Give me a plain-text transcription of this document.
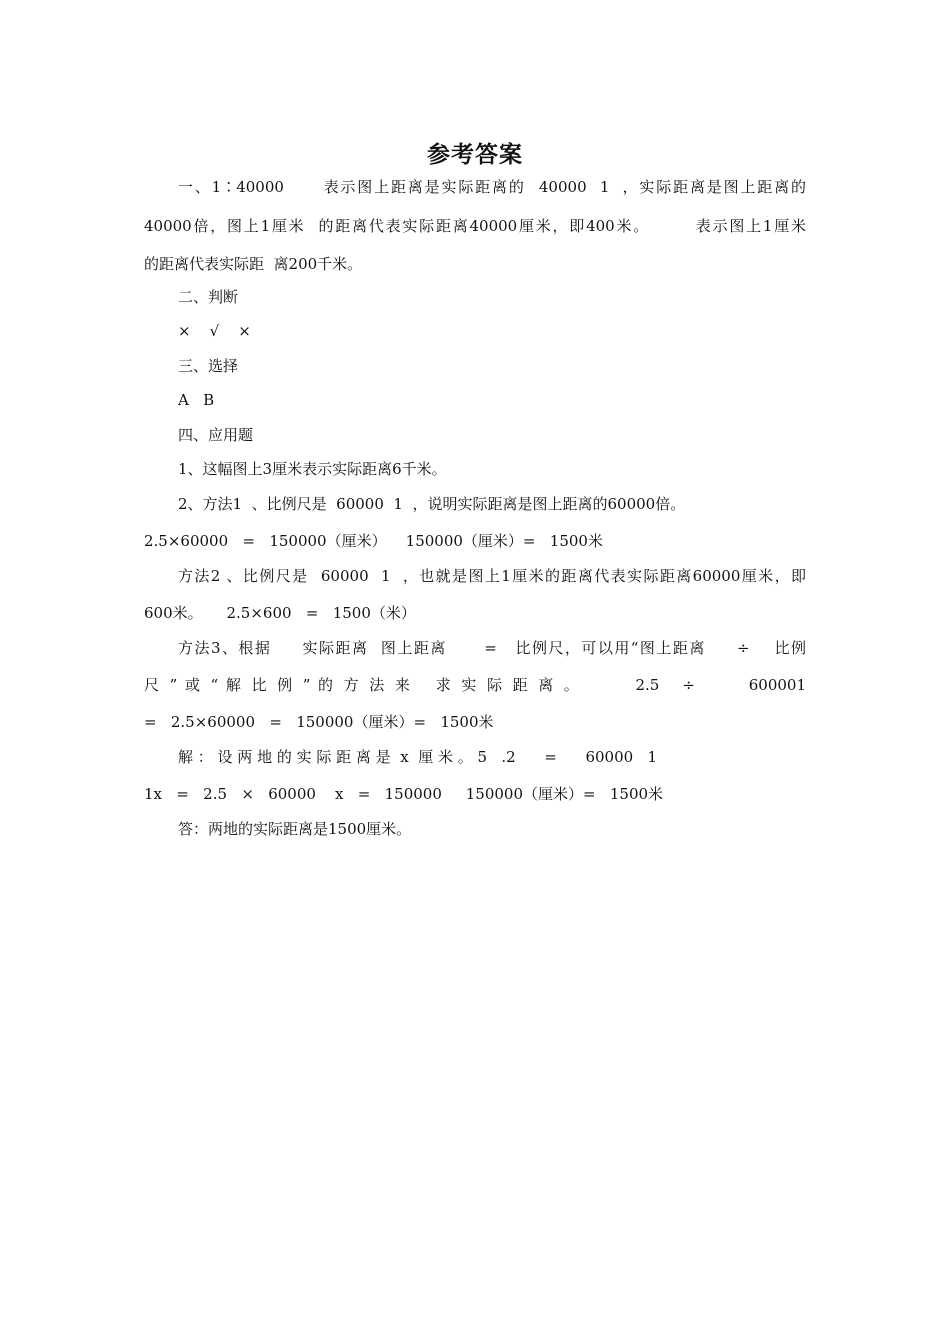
参考答案
一、1∶40000      表示图上距离是实际距离的  40000  1  ，实际距离是图上距离的
40000倍，图上1厘米  的距离代表实际距离40000厘米，即400米。       表示图上1厘米
的距离代表实际距  离200千米。
二、判断
×    √    ×
三、选择
A   B
四、应用题
1、这幅图上3厘米表示实际距离6千米。
2、方法1  、比例尺是  60000  1  ，说明实际距离是图上距离的60000倍。
2.5×60000   =   150000（厘米）    150000（厘米）=   1500米
方法2 、比例尺是  60000  1  ，也就是图上1厘米的距离代表实际距离60000厘米，即
600米。     2.5×600   =   1500（米）
方法3、根据     实际距离  图上距离      =   比例尺，可以用“图上距离     ÷    比例
尺 ” 或 “ 解 比 例 ” 的 方 法 来   求 实 际 距 离 。       2.5   ÷       600001
=   2.5×60000   =   150000（厘米）=   1500米
解 ： 设 两 地 的 实 际 距 离 是  x  厘 米 。 5   .2      =      60000   1
1x   =   2.5   ×   60000    x   =   150000     150000（厘米）=   1500米
答：两地的实际距离是1500厘米。
